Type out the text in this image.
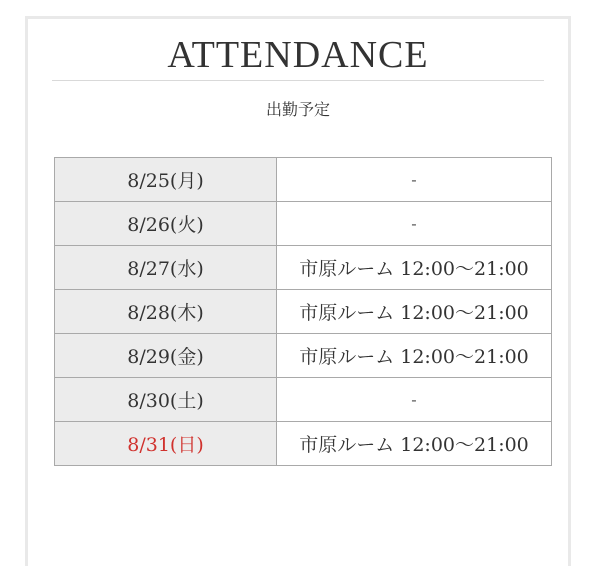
ATTENDANCE
出勤予定
8/25(月)	-
8/26(火)	-
8/27(水)	市原ルーム 12:00〜21:00
8/28(木)	市原ルーム 12:00〜21:00
8/29(金)	市原ルーム 12:00〜21:00
8/30(土)	-
8/31(日)	市原ルーム 12:00〜21:00
